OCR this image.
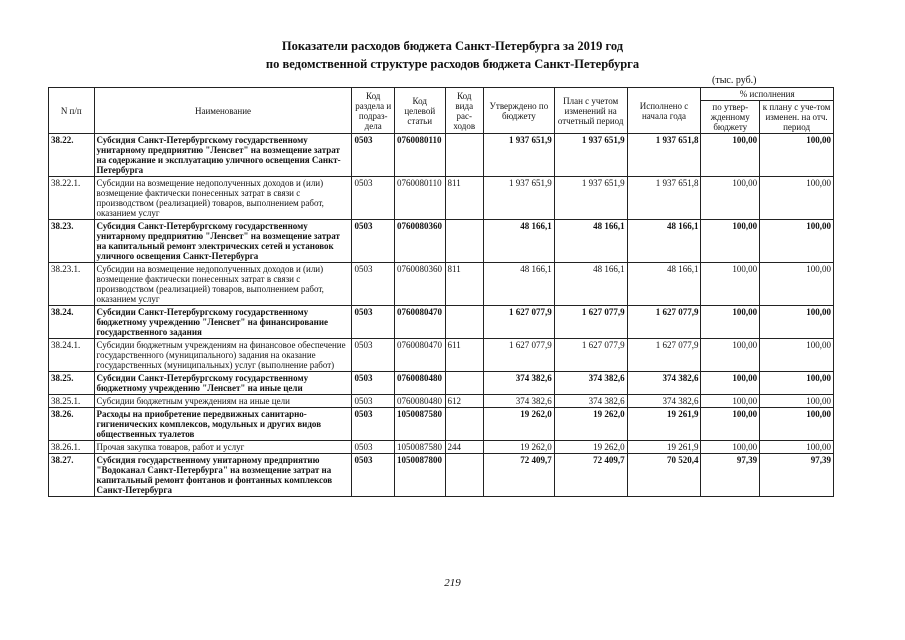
Показатели расходов бюджета Санкт-Петербурга за 2019 год
по ведомственной структуре расходов бюджета Санкт-Петербурга
(тыс. руб.)
N п/п	Наименование	Код раздела и подраз-дела	Код целевой статьи	Код вида рас-ходов	Утверждено по бюджету	План с учетом изменений на отчетный период	Исполнено с начала года	% исполнения	
								по утвер-жденному бюджету	к плану с уче-том изменен. на отч. период
38.22.	Субсидия Санкт-Петербургскому государственному унитарному предприятию "Ленсвет" на возмещение затрат на содержание и эксплуатацию уличного освещения Санкт-Петербурга	0503	0760080110		1 937 651,9	1 937 651,9	1 937 651,8	100,00	100,00
38.22.1.	Субсидии на возмещение недополученных доходов и (или) возмещение фактически понесенных затрат в связи с производством (реализацией) товаров, выполнением работ, оказанием услуг	0503	0760080110	811	1 937 651,9	1 937 651,9	1 937 651,8	100,00	100,00
38.23.	Субсидия Санкт-Петербургскому государственному унитарному предприятию "Ленсвет" на возмещение затрат на капитальный ремонт электрических сетей и установок уличного освещения Санкт-Петербурга	0503	0760080360		48 166,1	48 166,1	48 166,1	100,00	100,00
38.23.1.	Субсидии на возмещение недополученных доходов и (или) возмещение фактически понесенных затрат в связи с производством (реализацией) товаров, выполнением работ, оказанием услуг	0503	0760080360	811	48 166,1	48 166,1	48 166,1	100,00	100,00
38.24.	Субсидии Санкт-Петербургскому государственному бюджетному учреждению "Ленсвет" на финансирование государственного задания	0503	0760080470		1 627 077,9	1 627 077,9	1 627 077,9	100,00	100,00
38.24.1.	Субсидии бюджетным учреждениям на финансовое обеспечение государственного (муниципального) задания на оказание государственных (муниципальных) услуг (выполнение работ)	0503	0760080470	611	1 627 077,9	1 627 077,9	1 627 077,9	100,00	100,00
38.25.	Субсидии Санкт-Петербургскому государственному бюджетному учреждению "Ленсвет" на иные цели	0503	0760080480		374 382,6	374 382,6	374 382,6	100,00	100,00
38.25.1.	Субсидии бюджетным учреждениям на иные цели	0503	0760080480	612	374 382,6	374 382,6	374 382,6	100,00	100,00
38.26.	Расходы на приобретение передвижных санитарно-гигиенических комплексов, модульных и других видов общественных туалетов	0503	1050087580		19 262,0	19 262,0	19 261,9	100,00	100,00
38.26.1.	Прочая закупка товаров, работ и услуг	0503	1050087580	244	19 262,0	19 262,0	19 261,9	100,00	100,00
38.27.	Субсидия государственному унитарному предприятию "Водоканал Санкт-Петербурга" на возмещение затрат на капитальный ремонт фонтанов и фонтанных комплексов Санкт-Петербурга	0503	1050087800		72 409,7	72 409,7	70 520,4	97,39	97,39
219
